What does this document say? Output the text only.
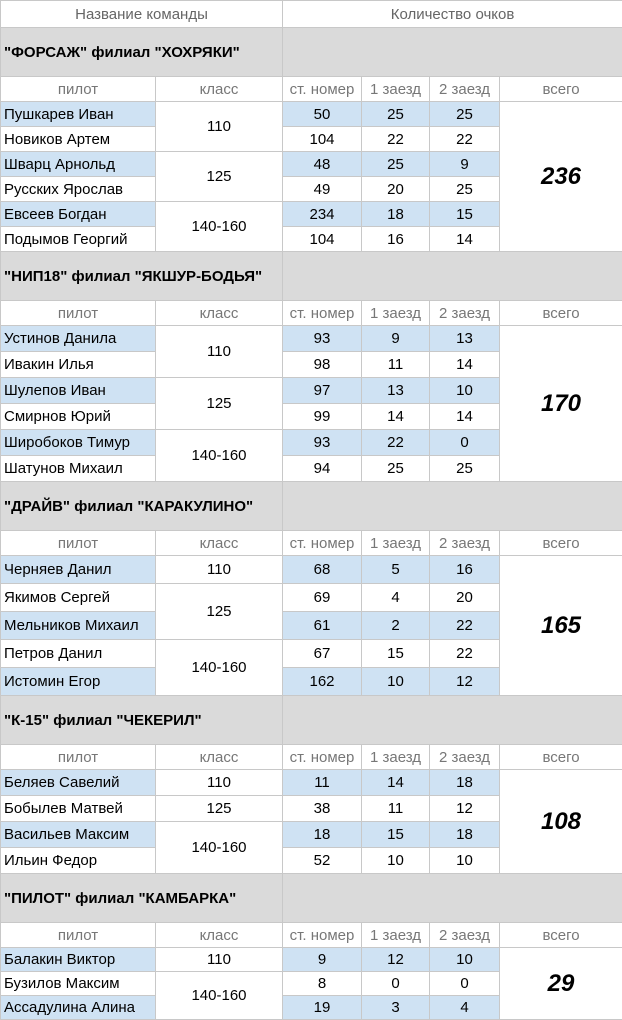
Название команды		Количество очков			
"ФОРСАЖ" филиал "ХОХРЯКИ"					
пилот	класс	ст. номер	1 заезд	2 заезд	всего
Пушкарев Иван	110	50	25	25	236
Новиков Артем		104	22	22	
Шварц Арнольд	125	48	25	9	
Русских Ярослав		49	20	25	
Евсеев Богдан	140-160	234	18	15	
Подымов Георгий		104	16	14	
"НИП18" филиал "ЯКШУР-БОДЬЯ"					
пилот	класс	ст. номер	1 заезд	2 заезд	всего
Устинов Данила	110	93	9	13	170
Ивакин Илья		98	11	14	
Шулепов Иван	125	97	13	10	
Смирнов Юрий		99	14	14	
Широбоков Тимур	140-160	93	22	0	
Шатунов Михаил		94	25	25	
"ДРАЙВ" филиал "КАРАКУЛИНО"					
пилот	класс	ст. номер	1 заезд	2 заезд	всего
Черняев Данил	110	68	5	16	165
Якимов Сергей	125	69	4	20	
Мельников Михаил		61	2	22	
Петров Данил	140-160	67	15	22	
Истомин Егор		162	10	12	
"К-15" филиал "ЧЕКЕРИЛ"					
пилот	класс	ст. номер	1 заезд	2 заезд	всего
Беляев Савелий	110	11	14	18	108
Бобылев Матвей	125	38	11	12	
Васильев Максим	140-160	18	15	18	
Ильин Федор		52	10	10	
"ПИЛОТ" филиал "КАМБАРКА"					
пилот	класс	ст. номер	1 заезд	2 заезд	всего
Балакин Виктор	110	9	12	10	29
Бузилов Максим	140-160	8	0	0	
Ассадулина Алина		19	3	4	
